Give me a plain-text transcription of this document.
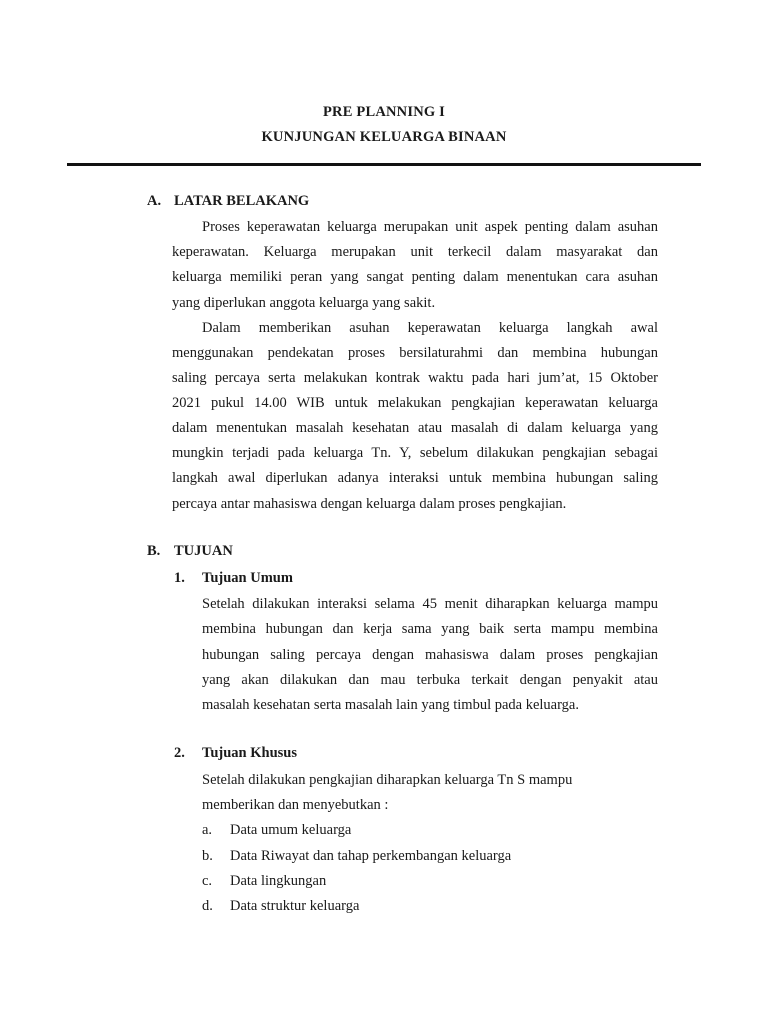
PRE PLANNING I
KUNJUNGAN KELUARGA BINAAN
A. LATAR BELAKANG
Proses keperawatan keluarga merupakan unit aspek penting dalam asuhan
keperawatan. Keluarga merupakan unit terkecil dalam masyarakat dan
keluarga memiliki peran yang sangat penting dalam menentukan cara asuhan
yang diperlukan anggota keluarga yang sakit.
Dalam memberikan asuhan keperawatan keluarga langkah awal
menggunakan pendekatan proses bersilaturahmi dan membina hubungan
saling percaya serta melakukan kontrak waktu pada hari jum’at, 15 Oktober
2021 pukul 14.00 WIB untuk melakukan pengkajian keperawatan keluarga
dalam menentukan masalah kesehatan atau masalah di dalam keluarga yang
mungkin terjadi pada keluarga Tn. Y, sebelum dilakukan pengkajian sebagai
langkah awal diperlukan adanya interaksi untuk membina hubungan saling
percaya antar mahasiswa dengan keluarga dalam proses pengkajian.
B. TUJUAN
1. Tujuan Umum
Setelah dilakukan interaksi selama 45 menit diharapkan keluarga mampu
membina hubungan dan kerja sama yang baik serta mampu membina
hubungan saling percaya dengan mahasiswa dalam proses pengkajian
yang akan dilakukan dan mau terbuka terkait dengan penyakit atau
masalah kesehatan serta masalah lain yang timbul pada keluarga.
2. Tujuan Khusus
Setelah dilakukan pengkajian diharapkan keluarga Tn S mampu
memberikan dan menyebutkan :
a. Data umum keluarga
b. Data Riwayat dan tahap perkembangan keluarga
c. Data lingkungan
d. Data struktur keluarga
